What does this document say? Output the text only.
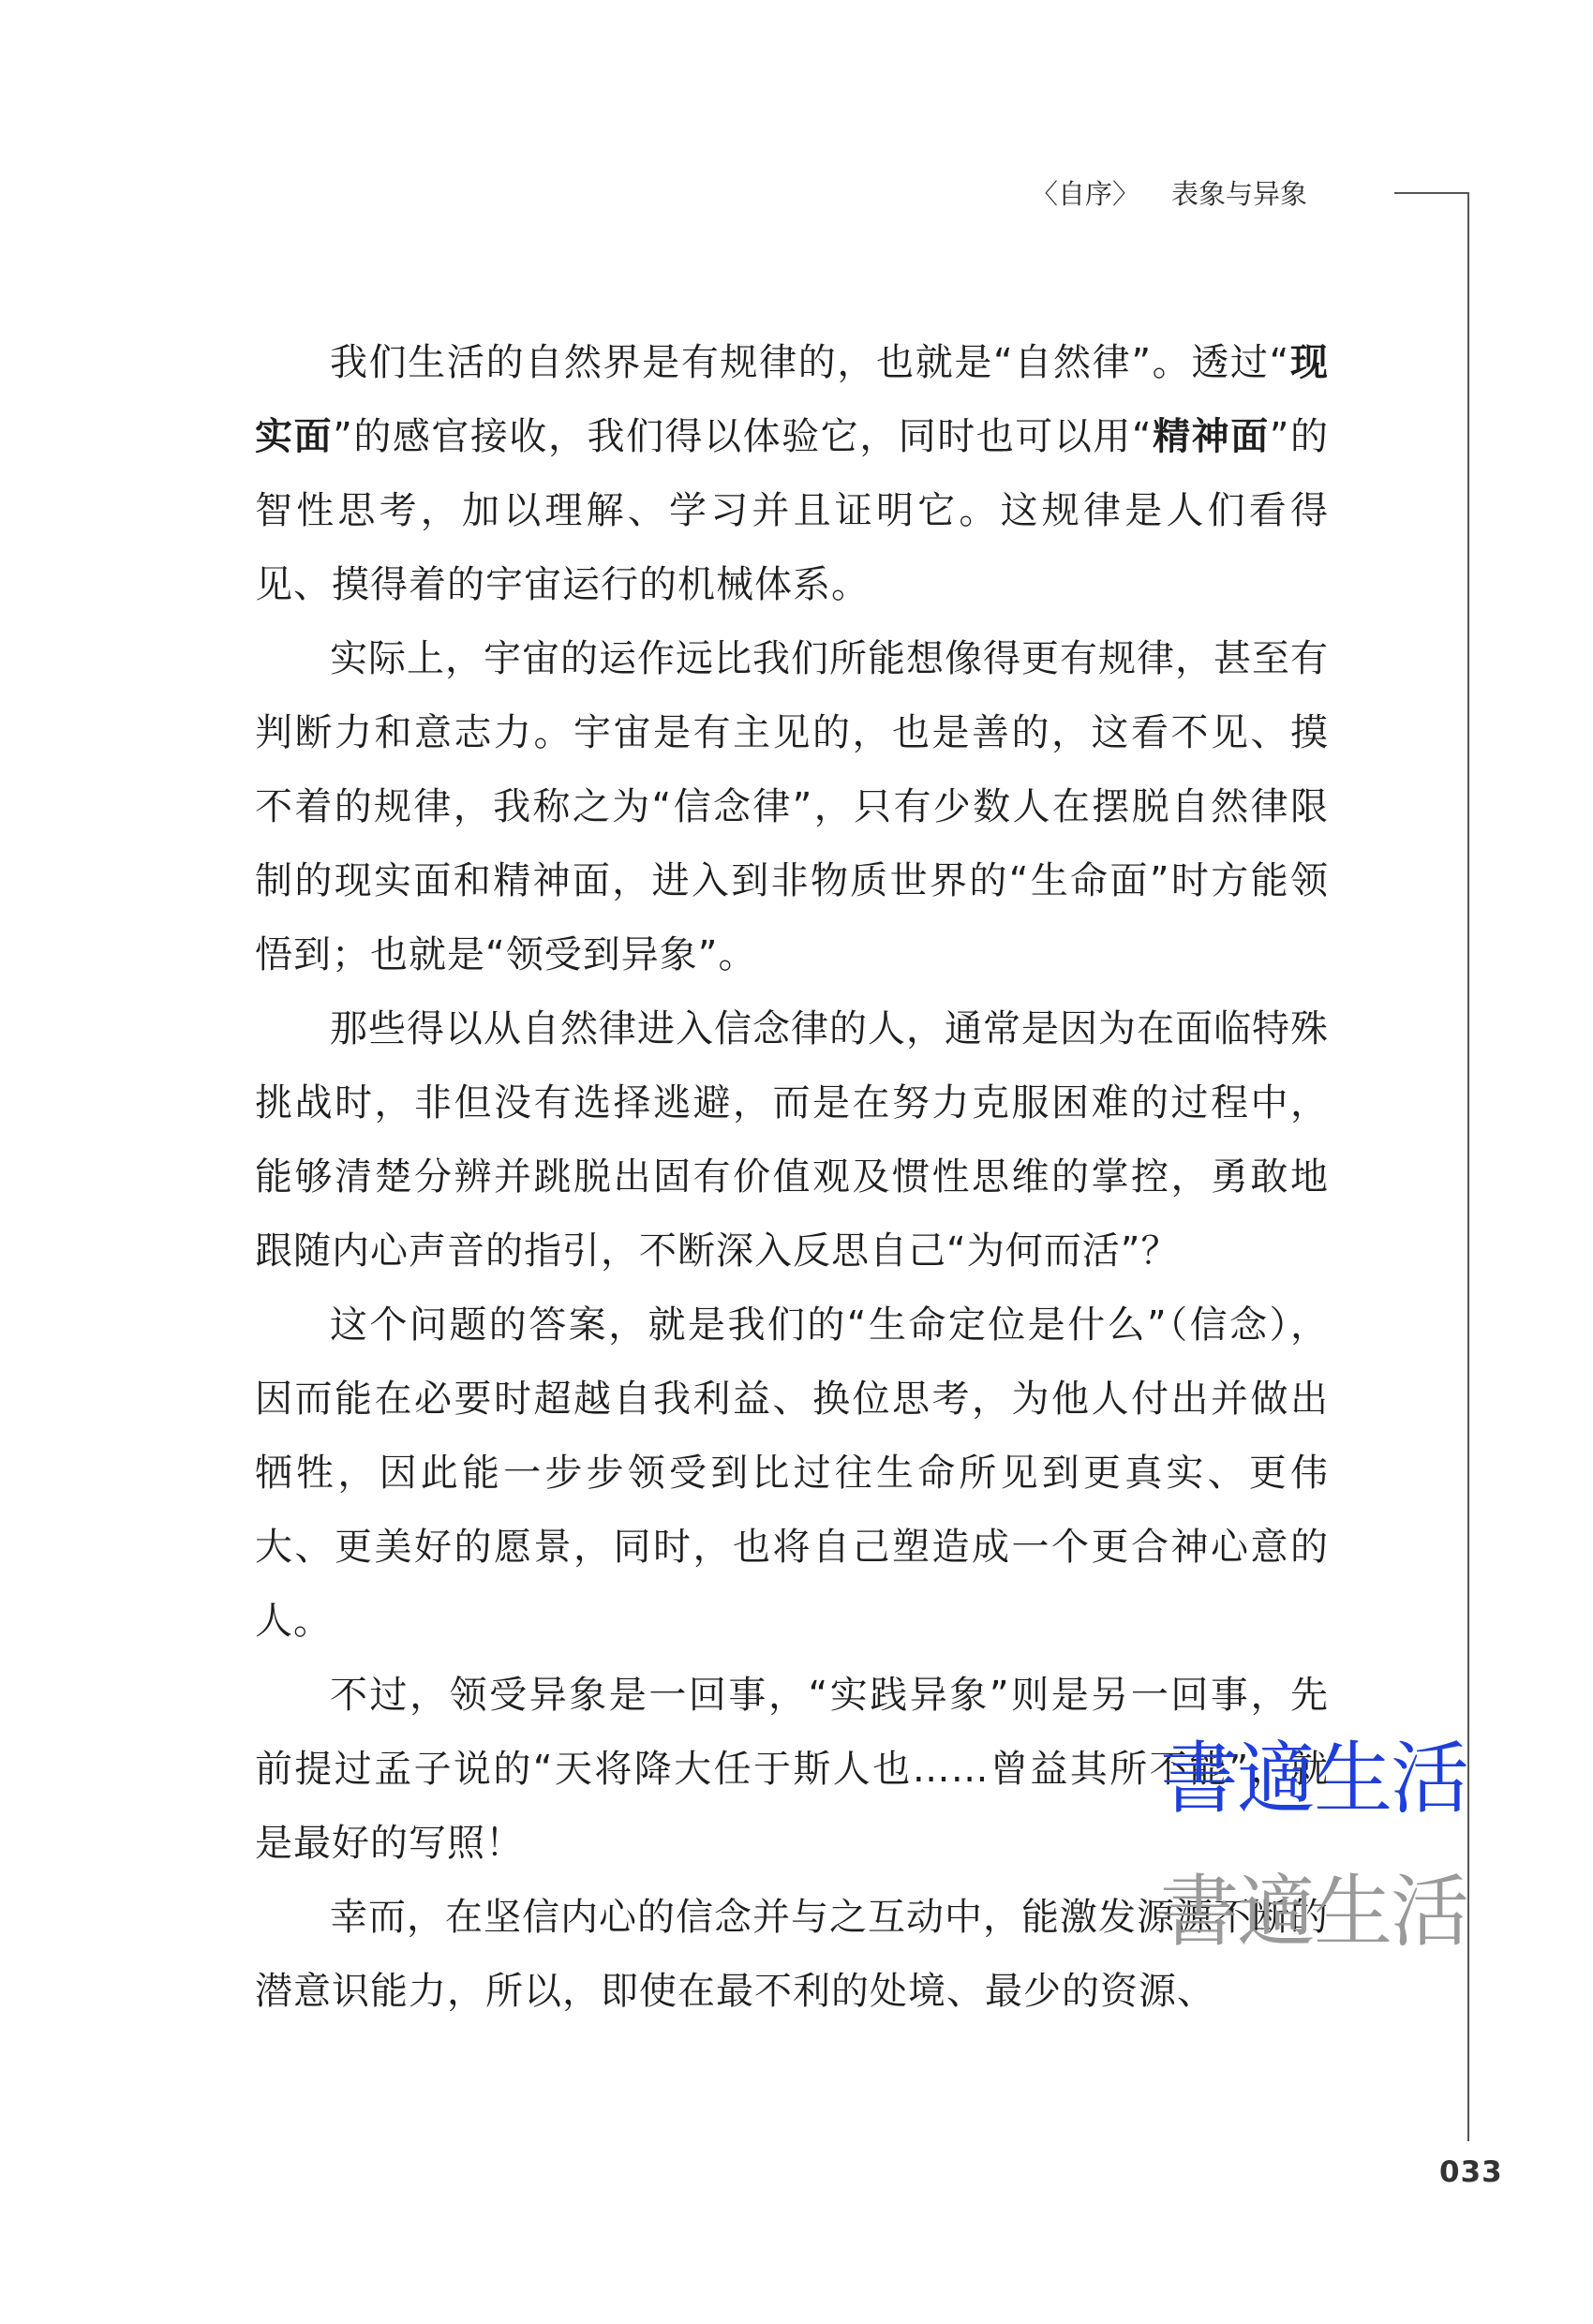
〈自序〉 表象与异象

我们生活的自然界是有规律的，也就是“自然律”。透过“现实面”的感官接收，我们得以体验它，同时也可以用“精神面”的智性思考，加以理解、学习并且证明它。这规律是人们看得见、摸得着的宇宙运行的机械体系。

实际上，宇宙的运作远比我们所能想像得更有规律，甚至有判断力和意志力。宇宙是有主见的，也是善的，这看不见、摸不着的规律，我称之为“信念律”，只有少数人在摆脱自然律限制的现实面和精神面，进入到非物质世界的“生命面”时方能领悟到；也就是“领受到异象”。

那些得以从自然律进入信念律的人，通常是因为在面临特殊挑战时，非但没有选择逃避，而是在努力克服困难的过程中，能够清楚分辨并跳脱出固有价值观及惯性思维的掌控，勇敢地跟随内心声音的指引，不断深入反思自己“为何而活”？

这个问题的答案，就是我们的“生命定位是什么”（信念），因而能在必要时超越自我利益、换位思考，为他人付出并做出牺牲，因此能一步步领受到比过往生命所见到更真实、更伟大、更美好的愿景，同时，也将自己塑造成一个更合神心意的人。

不过，领受异象是一回事，“实践异象”则是另一回事，先前提过孟子说的“天将降大任于斯人也……曾益其所不能”，就是最好的写照！

幸而，在坚信内心的信念并与之互动中，能激发源源不断的潜意识能力，所以，即使在最不利的处境、最少的资源、

書適生活
書適生活
033
